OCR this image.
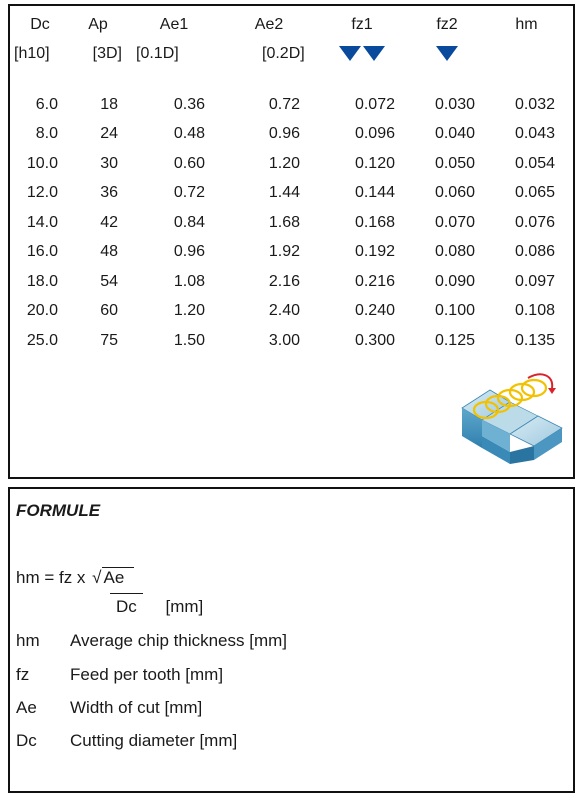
Dc	Ap	Ae1	Ae2	fz1	fz2	hm
[h10]	[3D]	[0.1D]	[0.2D]			

6.0	18	0.36	0.72	0.072	0.030	0.032
8.0	24	0.48	0.96	0.096	0.040	0.043
10.0	30	0.60	1.20	0.120	0.050	0.054
12.0	36	0.72	1.44	0.144	0.060	0.065
14.0	42	0.84	1.68	0.168	0.070	0.076
16.0	48	0.96	1.92	0.192	0.080	0.086
18.0	54	1.08	2.16	0.216	0.090	0.097
20.0	60	1.20	2.40	0.240	0.100	0.108
25.0	75	1.50	3.00	0.300	0.125	0.135
FORMULE
hm = fz x √ Ae
Dc [mm]
hm Average chip thickness [mm]
fz Feed per tooth [mm]
Ae Width of cut [mm]
Dc Cutting diameter [mm]
